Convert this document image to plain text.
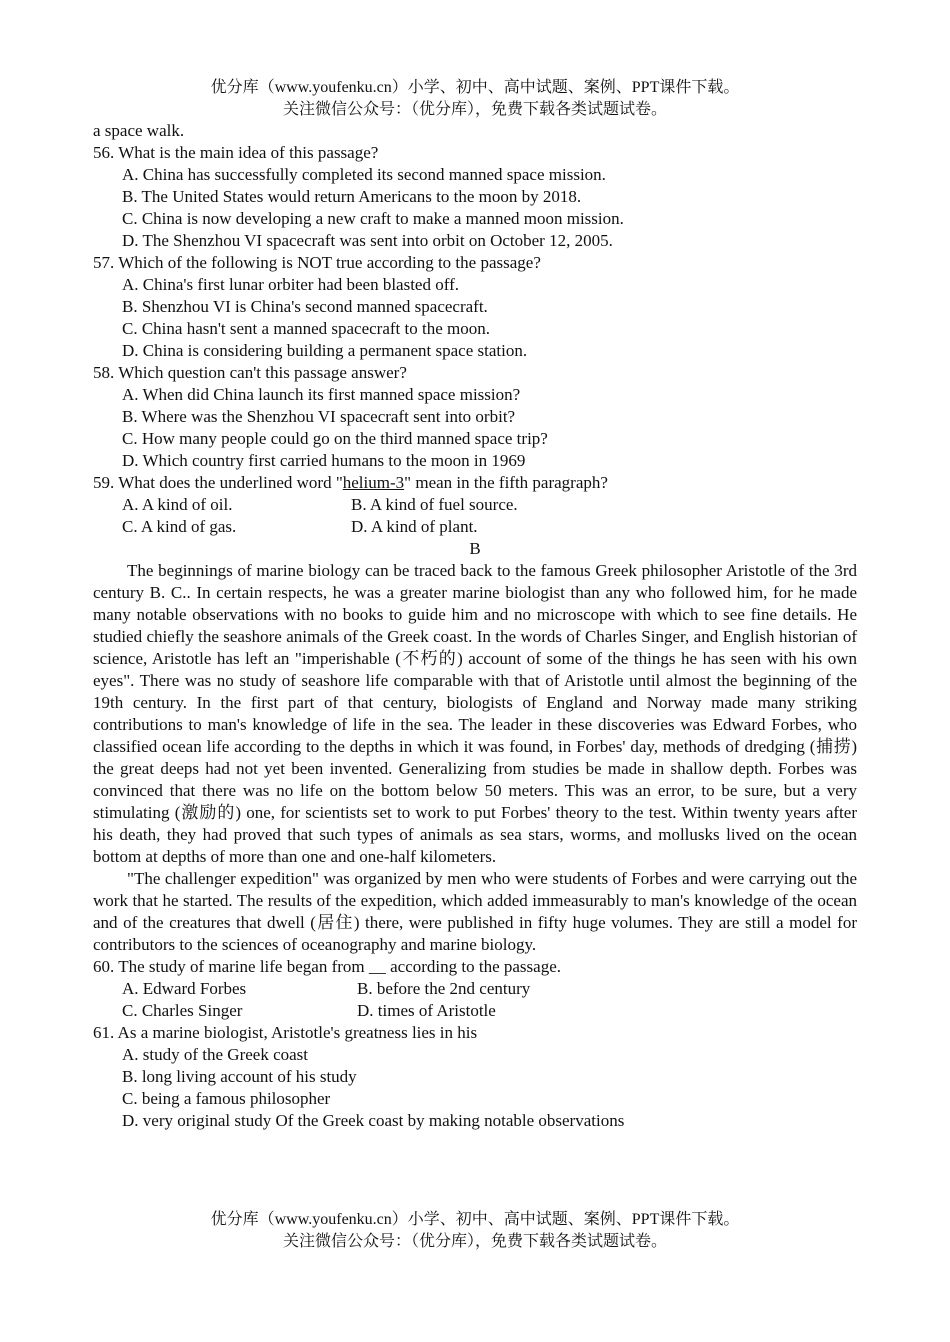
优分库（www.youfenku.cn）小学、初中、高中试题、案例、PPT课件下载。
关注微信公众号：（优分库），免费下载各类试题试卷。
a space walk.
56. What is the main idea of this passage?
A. China has successfully completed its second manned space mission.
B. The United States would return Americans to the moon by 2018.
C. China is now developing a new craft to make a manned moon mission.
D. The Shenzhou VI spacecraft was sent into orbit on October 12, 2005.
57. Which of the following is NOT true according to the passage?
A. China's first lunar orbiter had been blasted off.
B. Shenzhou VI is China's second manned spacecraft.
C. China hasn't sent a manned spacecraft to the moon.
D. China is considering building a permanent space station.
58. Which question can't this passage answer?
A. When did China launch its first manned space mission?
B. Where was the Shenzhou VI spacecraft sent into orbit?
C. How many people could go on the third manned space trip?
D. Which country first carried humans to the moon in 1969
59. What does the underlined word "helium-3" mean in the fifth paragraph?
A. A kind of oil.	B. A kind of fuel source.
C. A kind of gas.	D. A kind of plant.
B
The beginnings of marine biology can be traced back to the famous Greek philosopher Aristotle of the 3rd century B. C.. In certain respects, he was a greater marine biologist than any who followed him, for he made many notable observations with no books to guide him and no microscope with which to see fine details. He studied chiefly the seashore animals of the Greek coast. In the words of Charles Singer, and English historian of science, Aristotle has left an "imperishable (不朽的) account of some of the things he has seen with his own eyes". There was no study of seashore life comparable with that of Aristotle until almost the beginning of the 19th century. In the first part of that century, biologists of England and Norway made many striking contributions to man's knowledge of life in the sea. The leader in these discoveries was Edward Forbes, who classified ocean life according to the depths in which it was found, in Forbes' day, methods of dredging (捕捞) the great deeps had not yet been invented. Generalizing from studies be made in shallow depth. Forbes was convinced that there was no life on the bottom below 50 meters. This was an error, to be sure, but a very stimulating (激励的) one, for scientists set to work to put Forbes' theory to the test. Within twenty years after his death, they had proved that such types of animals as sea stars, worms, and mollusks lived on the ocean bottom at depths of more than one and one-half kilometers.
"The challenger expedition" was organized by men who were students of Forbes and were carrying out the work that he started. The results of the expedition, which added immeasurably to man's knowledge of the ocean and of the creatures that dwell (居住) there, were published in fifty huge volumes. They are still a model for contributors to the sciences of oceanography and marine biology.
60. The study of marine life began from __ according to the passage.
A. Edward Forbes	B. before the 2nd century
C. Charles Singer	D. times of Aristotle
61. As a marine biologist, Aristotle's greatness lies in his
A. study of the Greek coast
B. long living account of his study
C. being a famous philosopher
D. very original study Of the Greek coast by making notable observations
优分库（www.youfenku.cn）小学、初中、高中试题、案例、PPT课件下载。
关注微信公众号：（优分库），免费下载各类试题试卷。
